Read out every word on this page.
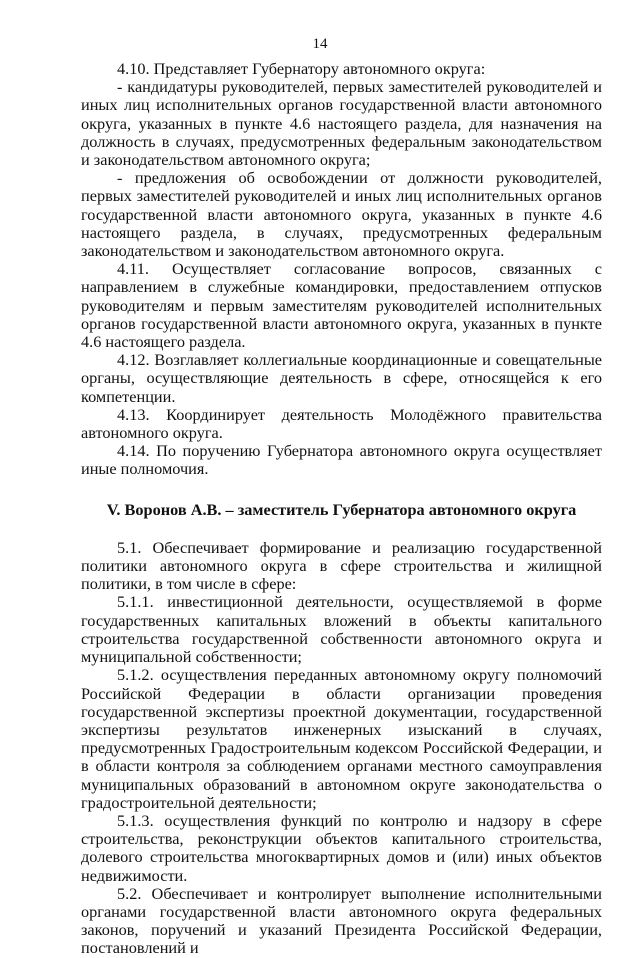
14

4.10. Представляет Губернатору автономного округа:

- кандидатуры руководителей, первых заместителей руководителей и иных лиц исполнительных органов государственной власти автономного округа, указанных в пункте 4.6 настоящего раздела, для назначения на должность в случаях, предусмотренных федеральным законодательством и законодательством автономного округа;

- предложения об освобождении от должности руководителей, первых заместителей руководителей и иных лиц исполнительных органов государственной власти автономного округа, указанных в пункте 4.6 настоящего раздела, в случаях, предусмотренных федеральным законодательством и законодательством автономного округа.

4.11. Осуществляет согласование вопросов, связанных с направлением в служебные командировки, предоставлением отпусков руководителям и первым заместителям руководителей исполнительных органов государственной власти автономного округа, указанных в пункте 4.6 настоящего раздела.

4.12. Возглавляет коллегиальные координационные и совещательные органы, осуществляющие деятельность в сфере, относящейся к его компетенции.

4.13. Координирует деятельность Молодёжного правительства автономного округа.

4.14. По поручению Губернатора автономного округа осуществляет иные полномочия.

V. Воронов А.В. – заместитель Губернатора автономного округа

5.1. Обеспечивает формирование и реализацию государственной политики автономного округа в сфере строительства и жилищной политики, в том числе в сфере:

5.1.1. инвестиционной деятельности, осуществляемой в форме государственных капитальных вложений в объекты капитального строительства государственной собственности автономного округа и муниципальной собственности;

5.1.2. осуществления переданных автономному округу полномочий Российской Федерации в области организации проведения государственной экспертизы проектной документации, государственной экспертизы результатов инженерных изысканий в случаях, предусмотренных Градостроительным кодексом Российской Федерации, и в области контроля за соблюдением органами местного самоуправления муниципальных образований в автономном округе законодательства о градостроительной деятельности;

5.1.3. осуществления функций по контролю и надзору в сфере строительства, реконструкции объектов капитального строительства, долевого строительства многоквартирных домов и (или) иных объектов недвижимости.

5.2. Обеспечивает и контролирует выполнение исполнительными органами государственной власти автономного округа федеральных законов, поручений и указаний Президента Российской Федерации, постановлений и
